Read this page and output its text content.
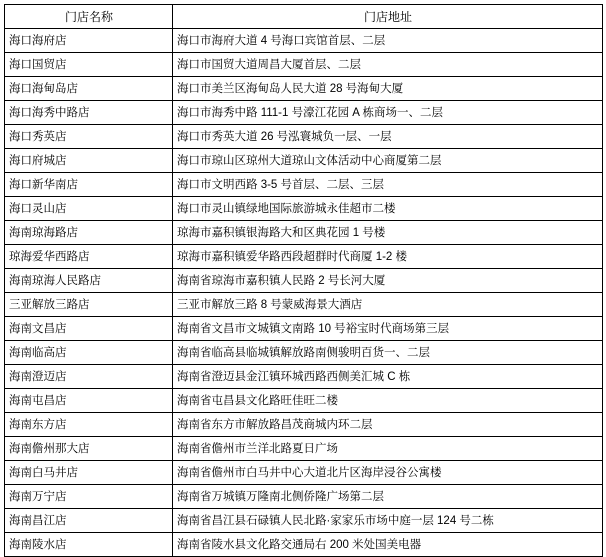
门店名称	门店地址
海口海府店	海口市海府大道 4 号海口宾馆首层、二层
海口国贸店	海口市国贸大道周昌大厦首层、二层
海口海甸岛店	海口市美兰区海甸岛人民大道 28 号海甸大厦
海口海秀中路店	海口市海秀中路 111-1 号濠江花园 A 栋商场一、二层
海口秀英店	海口市秀英大道 26 号泓寰城负一层、一层
海口府城店	海口市琼山区琼州大道琼山文体活动中心商厦第二层
海口新华南店	海口市文明西路 3-5 号首层、二层、三层
海口灵山店	海口市灵山镇绿地国际旅游城永佳超市二楼
海南琼海路店	琼海市嘉积镇银海路大和区典花园 1 号楼
琼海爱华西路店	琼海市嘉积镇爱华路西段超群时代商厦 1-2 楼
海南琼海人民路店	海南省琼海市嘉积镇人民路 2 号长河大厦
三亚解放三路店	三亚市解放三路 8 号蒙威海景大酒店
海南文昌店	海南省文昌市文城镇文南路 10 号裕宝时代商场第三层
海南临高店	海南省临高县临城镇解放路南侧骏明百货一、二层
海南澄迈店	海南省澄迈县金江镇环城西路西侧美汇城 C 栋
海南屯昌店	海南省屯昌县文化路旺佳旺二楼
海南东方店	海南省东方市解放路昌茂商城内环二层
海南儋州那大店	海南省儋州市兰洋北路夏日广场
海南白马井店	海南省儋州市白马井中心大道北片区海岸浸谷公寓楼
海南万宁店	海南省万城镇万隆南北侧侨隆广场第二层
海南昌江店	海南省昌江县石碌镇人民北路·家家乐市场中庭一层 124 号二栋
海南陵水店	海南省陵水县文化路交通局右 200 米处国美电器
